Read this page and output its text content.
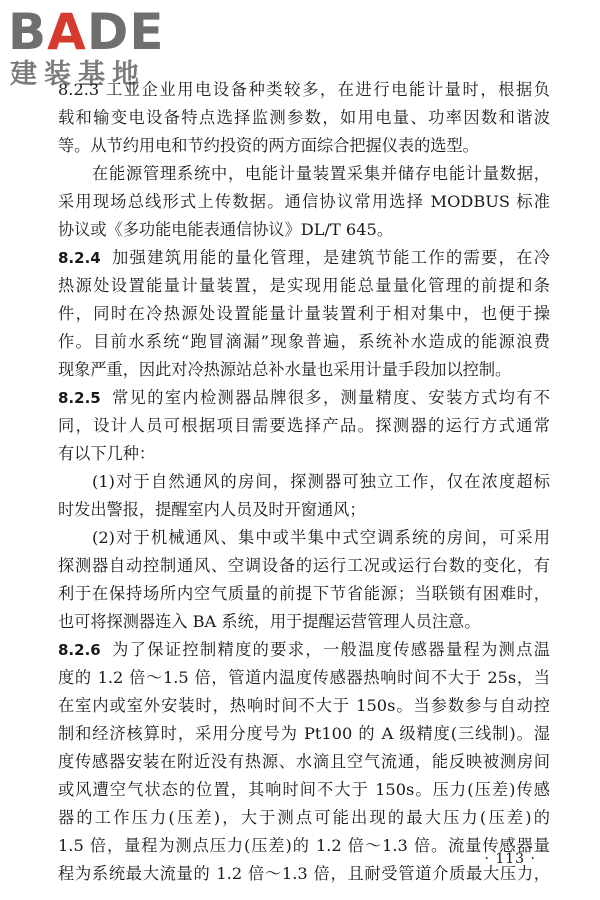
BADE
建装基地
8.2.3 工业企业用电设备种类较多，在进行电能计量时，根据负
载和输变电设备特点选择监测参数，如用电量、功率因数和谐波
等。从节约用电和节约投资的两方面综合把握仪表的选型。
在能源管理系统中，电能计量装置采集并储存电能计量数据，
采用现场总线形式上传数据。通信协议常用选择 MODBUS 标准
协议或《多功能电能表通信协议》DL/T 645。
8.2.4 加强建筑用能的量化管理，是建筑节能工作的需要，在冷
热源处设置能量计量装置，是实现用能总量量化管理的前提和条
件，同时在冷热源处设置能量计量装置利于相对集中，也便于操
作。目前水系统“跑冒滴漏”现象普遍，系统补水造成的能源浪费
现象严重，因此对冷热源站总补水量也采用计量手段加以控制。
8.2.5 常见的室内检测器品牌很多，测量精度、安装方式均有不
同，设计人员可根据项目需要选择产品。探测器的运行方式通常
有以下几种：
(1)对于自然通风的房间，探测器可独立工作，仅在浓度超标
时发出警报，提醒室内人员及时开窗通风；
(2)对于机械通风、集中或半集中式空调系统的房间，可采用
探测器自动控制通风、空调设备的运行工况或运行台数的变化，有
利于在保持场所内空气质量的前提下节省能源；当联锁有困难时，
也可将探测器连入 BA 系统，用于提醒运营管理人员注意。
8.2.6 为了保证控制精度的要求，一般温度传感器量程为测点温
度的 1.2 倍～1.5 倍，管道内温度传感器热响时间不大于 25s，当
在室内或室外安装时，热响时间不大于 150s。当参数参与自动控
制和经济核算时，采用分度号为 Pt100 的 A 级精度(三线制)。湿
度传感器安装在附近没有热源、水滴且空气流通，能反映被测房间
或风遭空气状态的位置，其响时间不大于 150s。压力(压差)传感
器的工作压力(压差)，大于测点可能出现的最大压力(压差)的
1.5 倍，量程为测点压力(压差)的 1.2 倍～1.3 倍。流量传感器量
程为系统最大流量的 1.2 倍～1.3 倍，且耐受管道介质最大压力，
· 113 ·
